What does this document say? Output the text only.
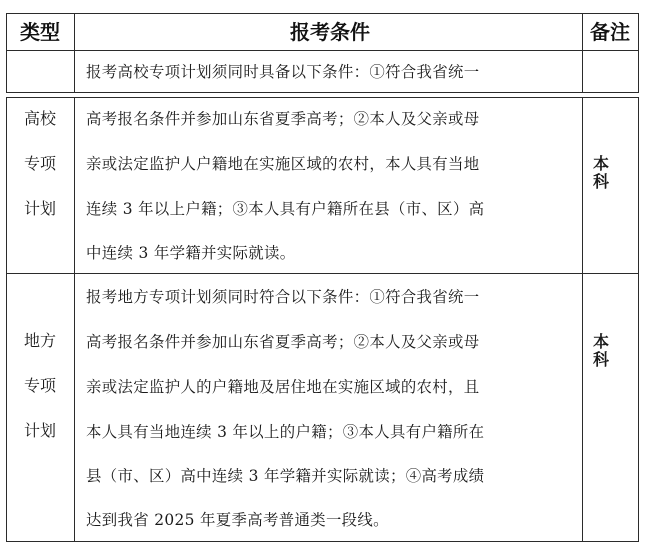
类型	报考条件	备注
报考高校专项计划须同时具备以下条件：①符合我省统一
高校
专项
计划
高考报名条件并参加山东省夏季高考；②本人及父亲或母
亲或法定监护人户籍地在实施区域的农村，本人具有当地
连续 3 年以上户籍；③本人具有户籍所在县（市、区）高
中连续 3 年学籍并实际就读。
本科
地方
专项
计划
报考地方专项计划须同时符合以下条件：①符合我省统一
高考报名条件并参加山东省夏季高考；②本人及父亲或母
亲或法定监护人的户籍地及居住地在实施区域的农村，且
本人具有当地连续 3 年以上的户籍；③本人具有户籍所在
县（市、区）高中连续 3 年学籍并实际就读；④高考成绩
达到我省 2025 年夏季高考普通类一段线。
本科
